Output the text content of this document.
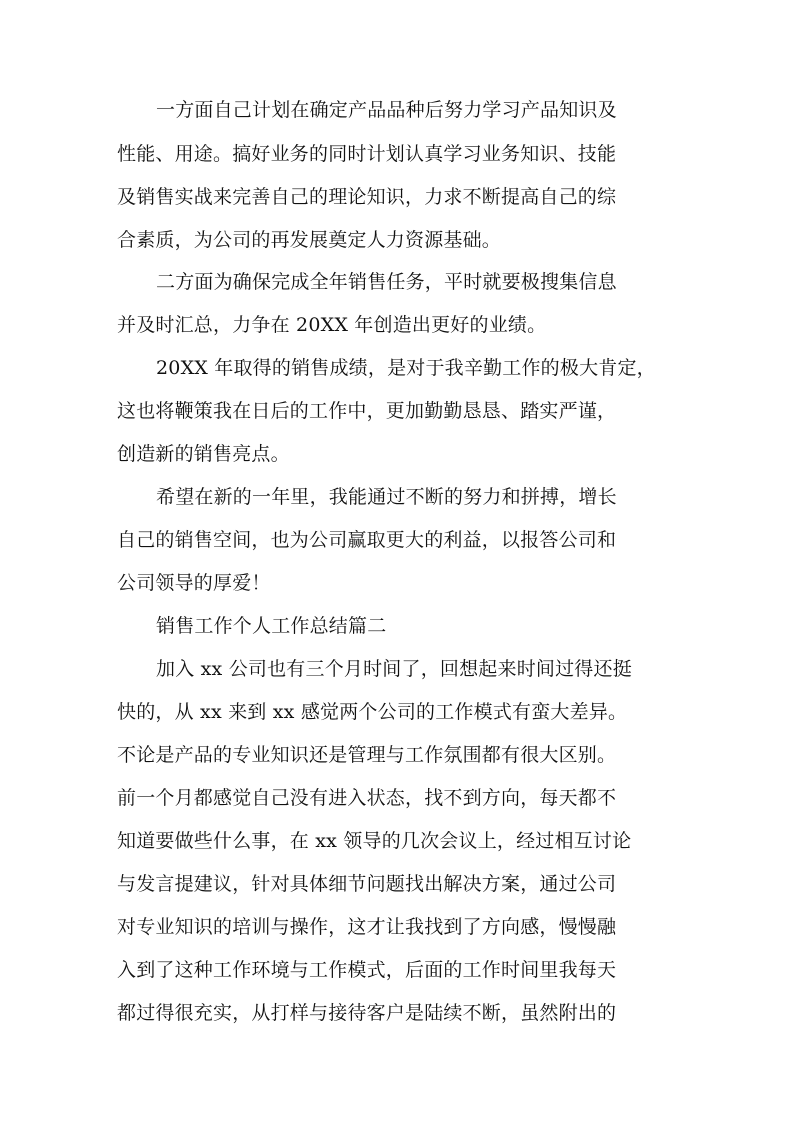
一方面自己计划在确定产品品种后努力学习产品知识及
性能、用途。搞好业务的同时计划认真学习业务知识、技能
及销售实战来完善自己的理论知识，力求不断提高自己的综
合素质，为公司的再发展奠定人力资源基础。
二方面为确保完成全年销售任务，平时就要极搜集信息
并及时汇总，力争在 20XX 年创造出更好的业绩。
20XX 年取得的销售成绩，是对于我辛勤工作的极大肯定，
这也将鞭策我在日后的工作中，更加勤勤恳恳、踏实严谨，
创造新的销售亮点。
希望在新的一年里，我能通过不断的努力和拼搏，增长
自己的销售空间，也为公司赢取更大的利益，以报答公司和
公司领导的厚爱！
销售工作个人工作总结篇二
加入 xx 公司也有三个月时间了，回想起来时间过得还挺
快的，从 xx 来到 xx 感觉两个公司的工作模式有蛮大差异。
不论是产品的专业知识还是管理与工作氛围都有很大区别。
前一个月都感觉自己没有进入状态，找不到方向，每天都不
知道要做些什么事，在 xx 领导的几次会议上，经过相互讨论
与发言提建议，针对具体细节问题找出解决方案，通过公司
对专业知识的培训与操作，这才让我找到了方向感，慢慢融
入到了这种工作环境与工作模式，后面的工作时间里我每天
都过得很充实，从打样与接待客户是陆续不断，虽然附出的
